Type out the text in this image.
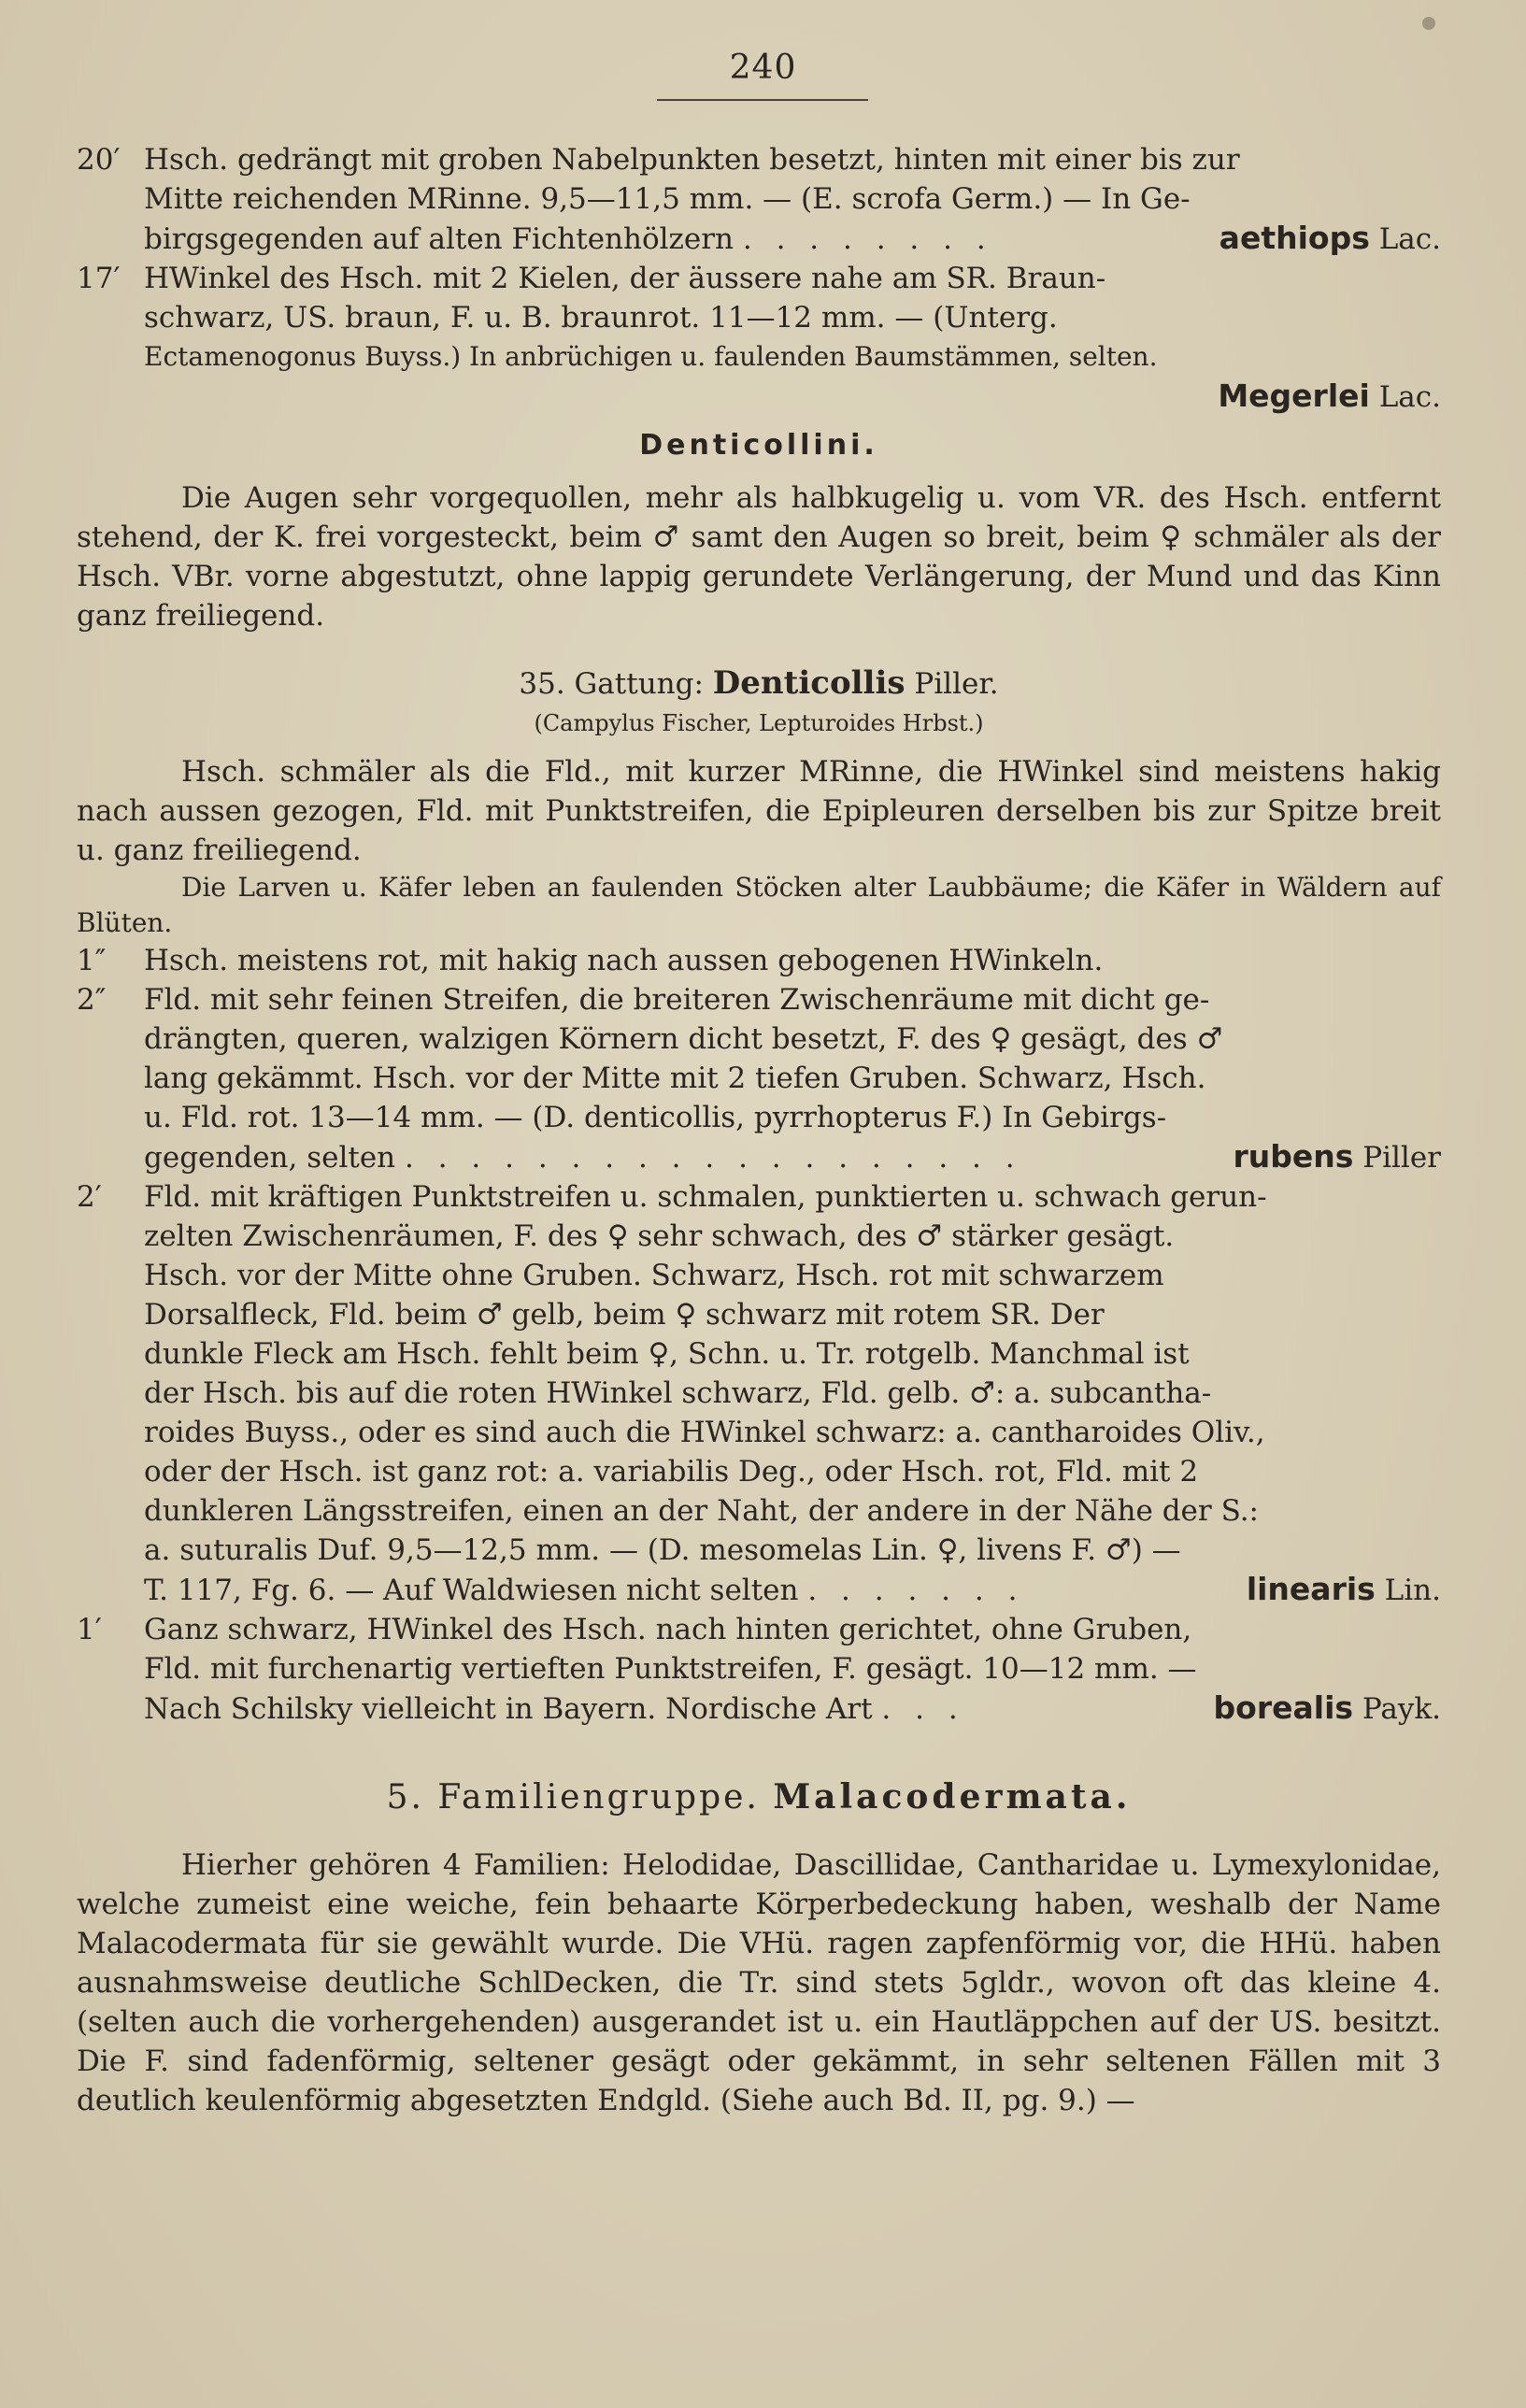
240
20′ Hsch. gedrängt mit groben Nabelpunkten besetzt, hinten mit einer bis zur
Mitte reichenden MRinne. 9,5—11,5 mm. — (E. scrofa Germ.) — In Ge-
birgsgegenden auf alten Fichtenhölzern . . . . . . . .	aethiops Lac.
17′ HWinkel des Hsch. mit 2 Kielen, der äussere nahe am SR. Braun-
schwarz, US. braun, F. u. B. braunrot. 11—12 mm. — (Unterg.
Ectamenogonus Buyss.) In anbrüchigen u. faulenden Baumstämmen, selten.
Megerlei Lac.
Denticollini.
Die Augen sehr vorgequollen, mehr als halbkugelig u. vom VR. des Hsch. entfernt stehend, der K. frei vorgesteckt, beim ♂ samt den Augen so breit, beim ♀ schmäler als der Hsch. VBr. vorne abgestutzt, ohne lappig gerundete Verlängerung, der Mund und das Kinn ganz freiliegend.
35. Gattung: Denticollis Piller.
(Campylus Fischer, Lepturoides Hrbst.)
Hsch. schmäler als die Fld., mit kurzer MRinne, die HWinkel sind meistens hakig nach aussen gezogen, Fld. mit Punktstreifen, die Epipleuren derselben bis zur Spitze breit u. ganz freiliegend.
Die Larven u. Käfer leben an faulenden Stöcken alter Laubbäume; die Käfer in Wäldern auf Blüten.
1″ Hsch. meistens rot, mit hakig nach aussen gebogenen HWinkeln.
2″ Fld. mit sehr feinen Streifen, die breiteren Zwischenräume mit dicht ge-
drängten, queren, walzigen Körnern dicht besetzt, F. des ♀ gesägt, des ♂
lang gekämmt. Hsch. vor der Mitte mit 2 tiefen Gruben. Schwarz, Hsch.
u. Fld. rot. 13—14 mm. — (D. denticollis, pyrrhopterus F.) In Gebirgs-
gegenden, selten . . . . . . . . . . . . . . . . . . .	rubens Piller
2′ Fld. mit kräftigen Punktstreifen u. schmalen, punktierten u. schwach gerun-
zelten Zwischenräumen, F. des ♀ sehr schwach, des ♂ stärker gesägt.
Hsch. vor der Mitte ohne Gruben. Schwarz, Hsch. rot mit schwarzem
Dorsalfleck, Fld. beim ♂ gelb, beim ♀ schwarz mit rotem SR. Der
dunkle Fleck am Hsch. fehlt beim ♀, Schn. u. Tr. rotgelb. Manchmal ist
der Hsch. bis auf die roten HWinkel schwarz, Fld. gelb. ♂: a. subcantha-
roides Buyss., oder es sind auch die HWinkel schwarz: a. cantharoides Oliv.,
oder der Hsch. ist ganz rot: a. variabilis Deg., oder Hsch. rot, Fld. mit 2
dunkleren Längsstreifen, einen an der Naht, der andere in der Nähe der S.:
a. suturalis Duf. 9,5—12,5 mm. — (D. mesomelas Lin. ♀, livens F. ♂) —
T. 117, Fg. 6. — Auf Waldwiesen nicht selten . . . . . . .	linearis Lin.
1′ Ganz schwarz, HWinkel des Hsch. nach hinten gerichtet, ohne Gruben,
Fld. mit furchenartig vertieften Punktstreifen, F. gesägt. 10—12 mm. —
Nach Schilsky vielleicht in Bayern. Nordische Art . . .	borealis Payk.
5. Familiengruppe. Malacodermata.
Hierher gehören 4 Familien: Helodidae, Dascillidae, Cantharidae u. Lymexylonidae, welche zumeist eine weiche, fein behaarte Körperbedeckung haben, weshalb der Name Malacodermata für sie gewählt wurde. Die VHü. ragen zapfenförmig vor, die HHü. haben ausnahmsweise deutliche SchlDecken, die Tr. sind stets 5gldr., wovon oft das kleine 4. (selten auch die vorhergehenden) ausgerandet ist u. ein Hautläppchen auf der US. besitzt. Die F. sind fadenförmig, seltener gesägt oder gekämmt, in sehr seltenen Fällen mit 3 deutlich keulenförmig abgesetzten Endgld. (Siehe auch Bd. II, pg. 9.) —
